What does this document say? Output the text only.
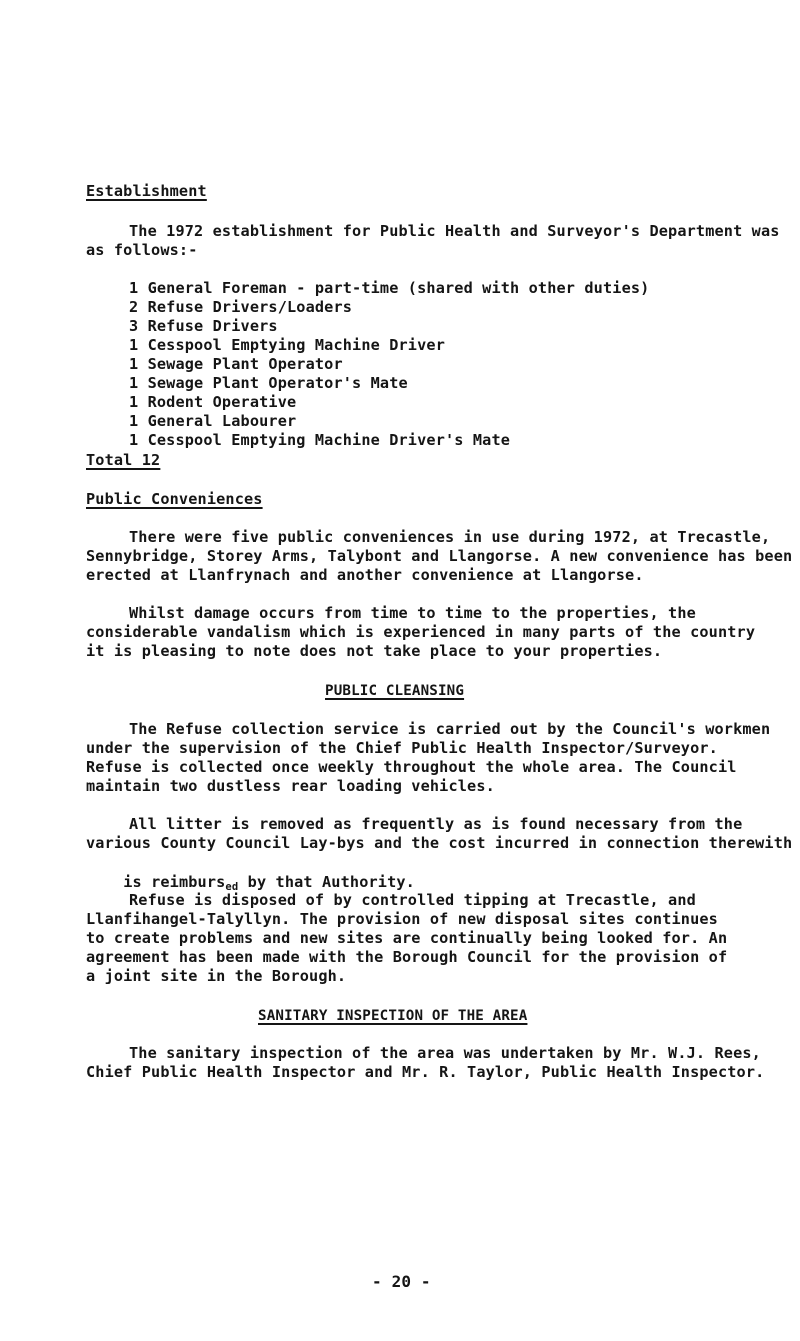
Establishment
The 1972 establishment for Public Health and Surveyor's Department was
as follows:-
1 General Foreman - part-time (shared with other duties)
2 Refuse Drivers/Loaders
3 Refuse Drivers
1 Cesspool Emptying Machine Driver
1 Sewage Plant Operator
1 Sewage Plant Operator's Mate
1 Rodent Operative
1 General Labourer
1 Cesspool Emptying Machine Driver's Mate
Total 12
Public Conveniences
There were five public conveniences in use during 1972, at Trecastle,
Sennybridge, Storey Arms, Talybont and Llangorse. A new convenience has been
erected at Llanfrynach and another convenience at Llangorse.
Whilst damage occurs from time to time to the properties, the
considerable vandalism which is experienced in many parts of the country
it is pleasing to note does not take place to your properties.
PUBLIC CLEANSING
The Refuse collection service is carried out by the Council's workmen
under the supervision of the Chief Public Health Inspector/Surveyor.
Refuse is collected once weekly throughout the whole area. The Council
maintain two dustless rear loading vehicles.
All litter is removed as frequently as is found necessary from the
various County Council Lay-bys and the cost incurred in connection therewith

is reimburs$_{ed}$ by that Authority.

Refuse is disposed of by controlled tipping at Trecastle, and
Llanfihangel-Talyllyn. The provision of new disposal sites continues
to create problems and new sites are continually being looked for. An
agreement has been made with the Borough Council for the provision of
a joint site in the Borough.
SANITARY INSPECTION OF THE AREA
The sanitary inspection of the area was undertaken by Mr. W.J. Rees,
Chief Public Health Inspector and Mr. R. Taylor, Public Health Inspector.
- 20 -
